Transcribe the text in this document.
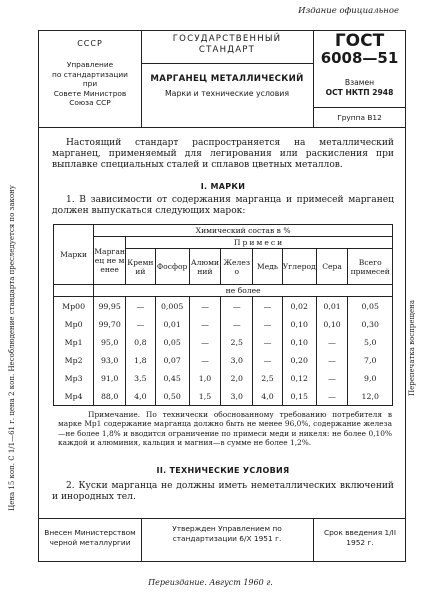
Издание официальное
СССР
Управление
по стандартизации
при
Совете Министров
Союза ССР
ГОСУДАРСТВЕННЫЙ
СТАНДАРТ
МАРГАНЕЦ МЕТАЛЛИЧЕСКИЙ
Марки и технические условия
ГОСТ
6008—51
Взамен
ОСТ НКТП 2948
Группа В12
Цена 15 коп. С 1/1—61 г. цена 2 коп. Несоблюдение стандарта преследуется по закону	Перепечатка воспрещена
Настоящий стандарт распространяется на металлический марганец, применяемый для легирования или раскисления при выплавке специальных сталей и сплавов цветных металлов.
I. МАРКИ
1. В зависимости от содержания марганца и примесей марганец должен выпускаться следующих марок:
Марки	Химический состав в %								
	Марганец не менее	Примеси							
		Кремний	Фосфор	Алюминий	Железо	Медь	Углерод	Сера	Всего примесей
	не более								
Мр00	99,95	—	0,005	—	—	—	0,02	0,01	0,05
Мр0	99,70	—	0,01	—	—	—	0,10	0,10	0,30
Мр1	95,0	0,8	0,05	—	2,5	—	0,10	—	5,0
Мр2	93,0	1,8	0,07	—	3,0	—	0,20	—	7,0
Мр3	91,0	3,5	0,45	1,0	2,0	2,5	0,12	—	9,0
Мр4	88,0	4,0	0,50	1,5	3,0	4,0	0,15	—	12,0
Примечание. По технически обоснованному требованию потребителя в марке Мр1 содержание марганца должно быть не менее 96,0%, содержание железа—не более 1,8% и вводится ограничение по примеси меди и никеля: не более 0,10% каждой и алюминия, кальция и магния—в сумме не более 1,2%.
II. ТЕХНИЧЕСКИЕ УСЛОВИЯ
2. Куски марганца не должны иметь неметаллических включений и инородных тел.
Внесен Министерством черной металлургии
Утвержден Управлением по стандартизации 6/X 1951 г.
Срок введения 1/II 1952 г.
Переиздание. Август 1960 г.
